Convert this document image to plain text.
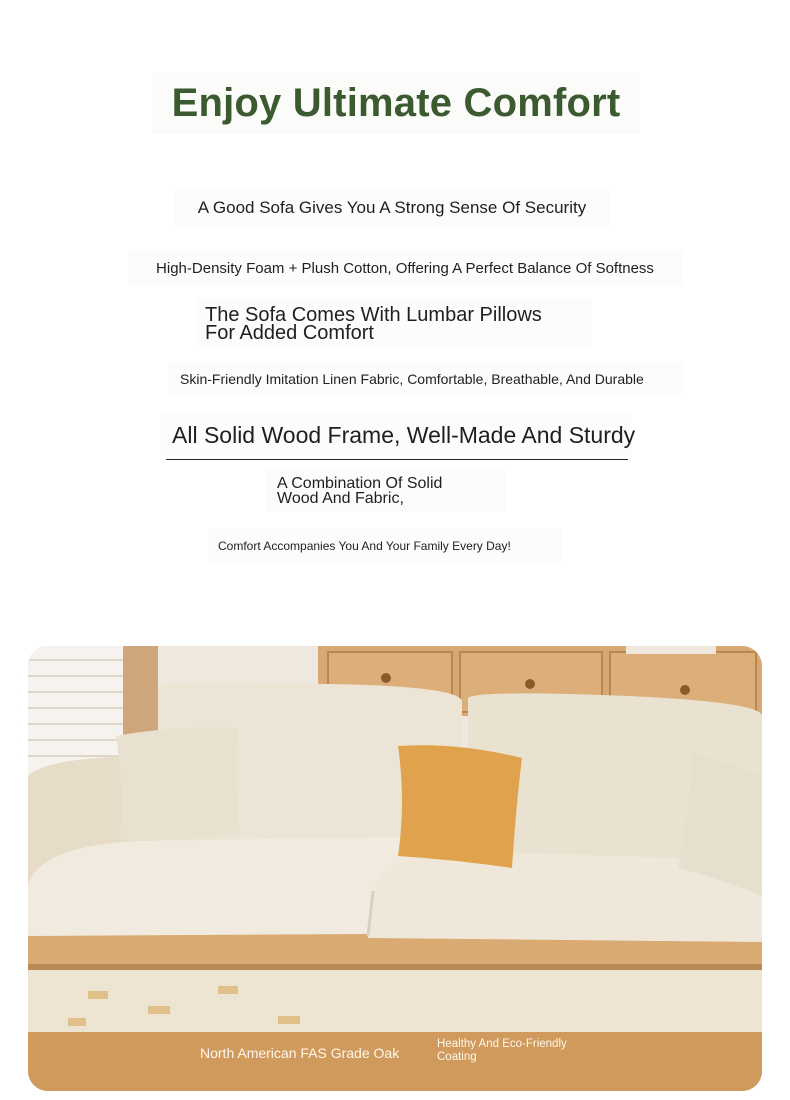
Enjoy Ultimate Comfort
A Good Sofa Gives You A Strong Sense Of Security
High-Density Foam + Plush Cotton, Offering A Perfect Balance Of Softness
The Sofa Comes With Lumbar Pillows
For Added Comfort
Skin-Friendly Imitation Linen Fabric, Comfortable, Breathable, And Durable
All Solid Wood Frame, Well-Made And Sturdy
A Combination Of Solid
Wood And Fabric,
Comfort Accompanies You And Your Family Every Day!
North American FAS Grade Oak
Healthy And Eco-Friendly Coating
